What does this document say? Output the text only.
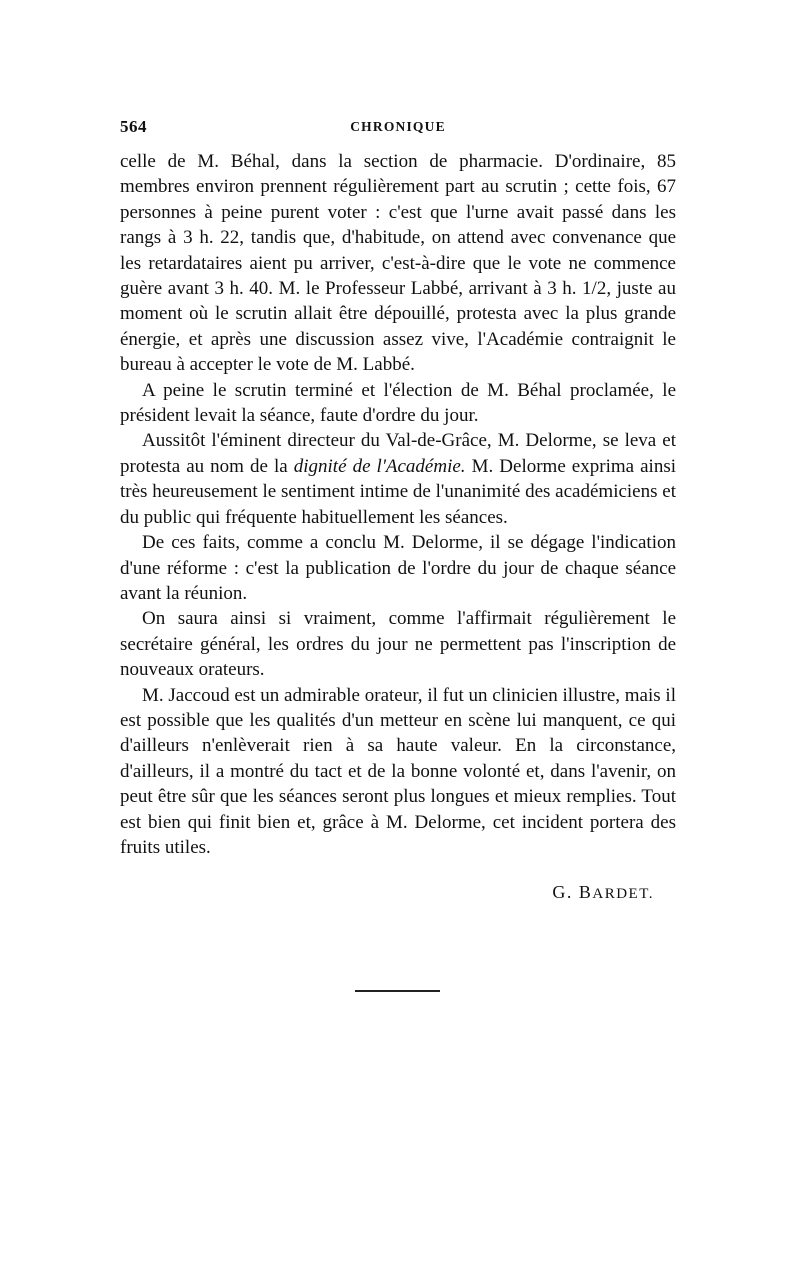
564	CHRONIQUE

celle de M. Béhal, dans la section de pharmacie. D'ordinaire, 85 membres environ prennent régulièrement part au scrutin ; cette fois, 67 personnes à peine purent voter : c'est que l'urne avait passé dans les rangs à 3 h. 22, tandis que, d'habitude, on attend avec convenance que les retardataires aient pu arriver, c'est-à-dire que le vote ne commence guère avant 3 h. 40. M. le Professeur Labbé, arrivant à 3 h. 1/2, juste au moment où le scrutin allait être dépouillé, protesta avec la plus grande énergie, et après une discussion assez vive, l'Académie contraignit le bureau à accepter le vote de M. Labbé.

A peine le scrutin terminé et l'élection de M. Béhal proclamée, le président levait la séance, faute d'ordre du jour.

Aussitôt l'éminent directeur du Val-de-Grâce, M. Delorme, se leva et protesta au nom de la dignité de l'Académie. M. Delorme exprima ainsi très heureusement le sentiment intime de l'unanimité des académiciens et du public qui fréquente habituellement les séances.

De ces faits, comme a conclu M. Delorme, il se dégage l'indication d'une réforme : c'est la publication de l'ordre du jour de chaque séance avant la réunion.

On saura ainsi si vraiment, comme l'affirmait régulièrement le secrétaire général, les ordres du jour ne permettent pas l'inscription de nouveaux orateurs.

M. Jaccoud est un admirable orateur, il fut un clinicien illustre, mais il est possible que les qualités d'un metteur en scène lui manquent, ce qui d'ailleurs n'enlèverait rien à sa haute valeur. En la circonstance, d'ailleurs, il a montré du tact et de la bonne volonté et, dans l'avenir, on peut être sûr que les séances seront plus longues et mieux remplies. Tout est bien qui finit bien et, grâce à M. Delorme, cet incident portera des fruits utiles.

G. BARDET.
